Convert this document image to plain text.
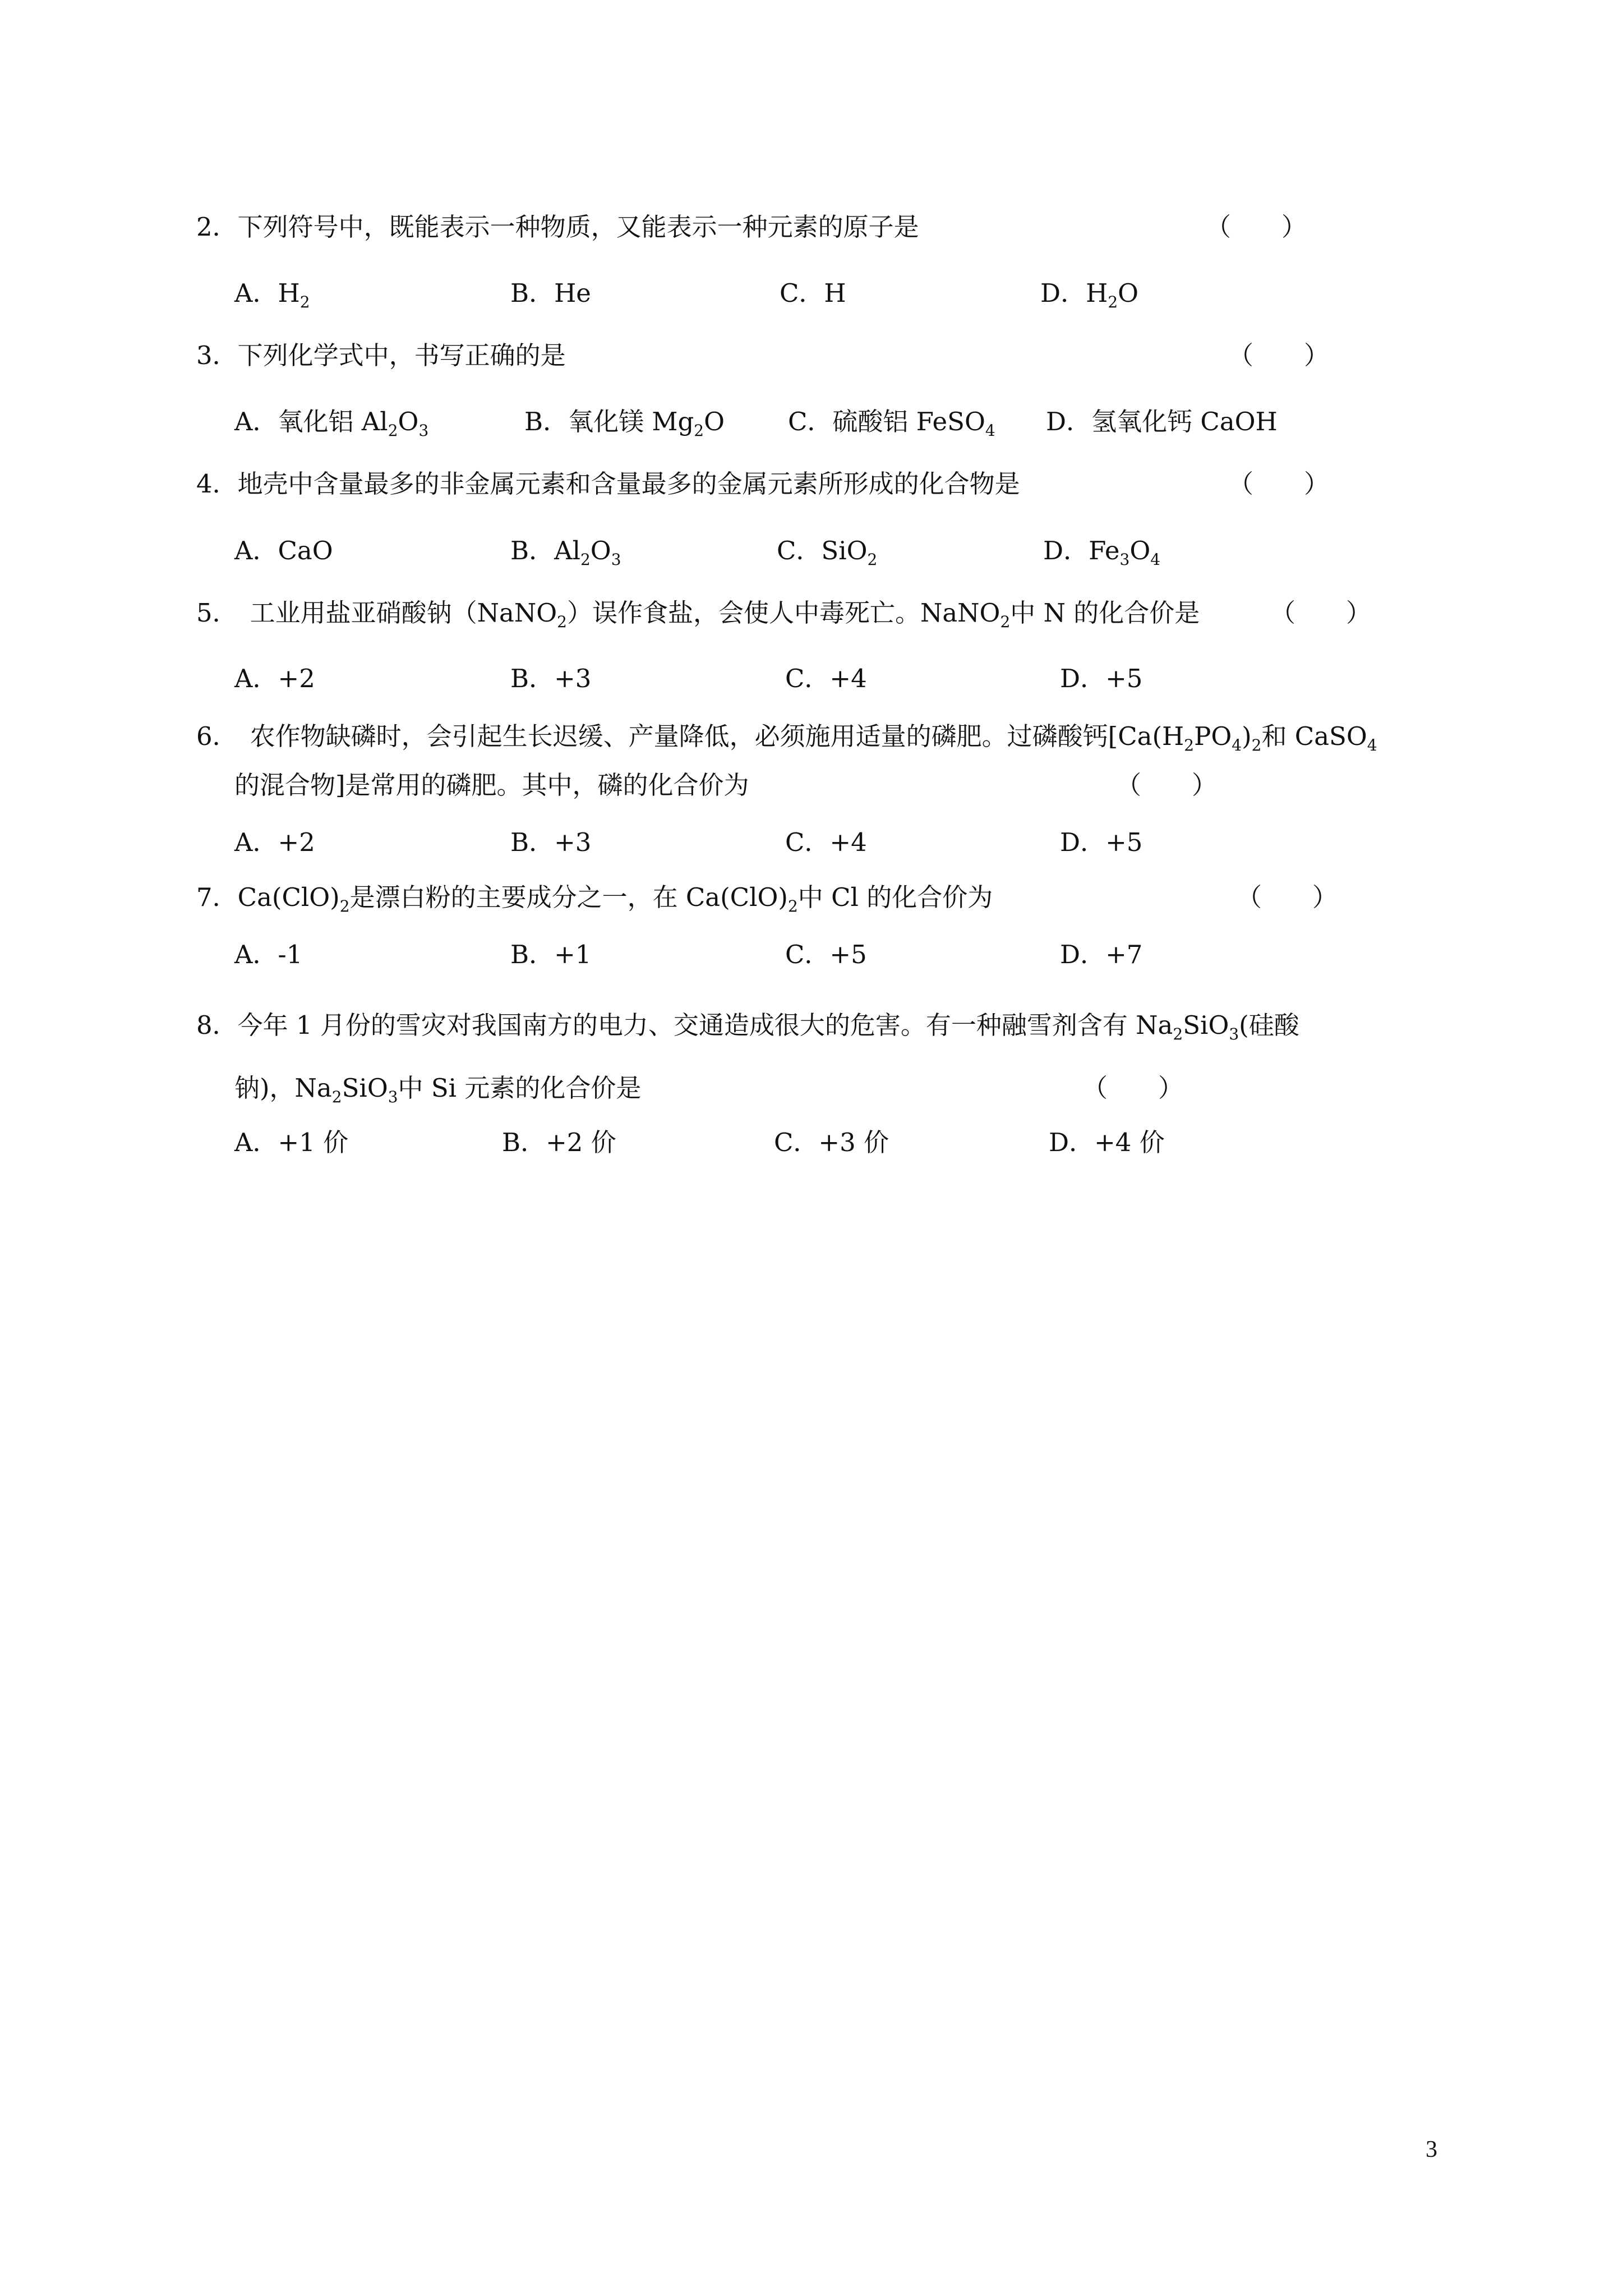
2．下列符号中，既能表示一种物质，又能表示一种元素的原子是	（　　）
A．$H_2$	B．He	C．H	D．$H_2O$
3．下列化学式中，书写正确的是	（　　）
A．氧化铝 $Al_2O_3$	B．氧化镁 $Mg_2O$	C．硫酸铝 FeSO$_4$ D．氢氧化钙 CaOH
4．地壳中含量最多的非金属元素和含量最多的金属元素所形成的化合物是	（　　）
A．CaO	B．$Al_2O_3$	C．SiO$_2$	D．$Fe_3O_4$
5． 工业用盐亚硝酸钠（NaNO$_2$）误作食盐，会使人中毒死亡。NaNO$_2$中 N 的化合价是	（　　）
A．+2	B．+3	C．+4	D．+5
6． 农作物缺磷时，会引起生长迟缓、产量降低，必须施用适量的磷肥。过磷酸钙[$Ca(H_2PO_4)_2$和 CaSO$_4$
的混合物]是常用的磷肥。其中，磷的化合价为	（　　）
A．+2	B．+3	C．+4	D．+5
7．$Ca(ClO)_2$是漂白粉的主要成分之一，在 $Ca(ClO)_2$中 Cl 的化合价为	（　　）
A．-1	B．+1	C．+5	D．+7
8．今年 1 月份的雪灾对我国南方的电力、交通造成很大的危害。有一种融雪剂含有 $Na_2SiO_3$(硅酸
钠)，$Na_2SiO_3$中 Si 元素的化合价是	（　　）
A．+1 价	B．+2 价	C．+3 价	D．+4 价
3
